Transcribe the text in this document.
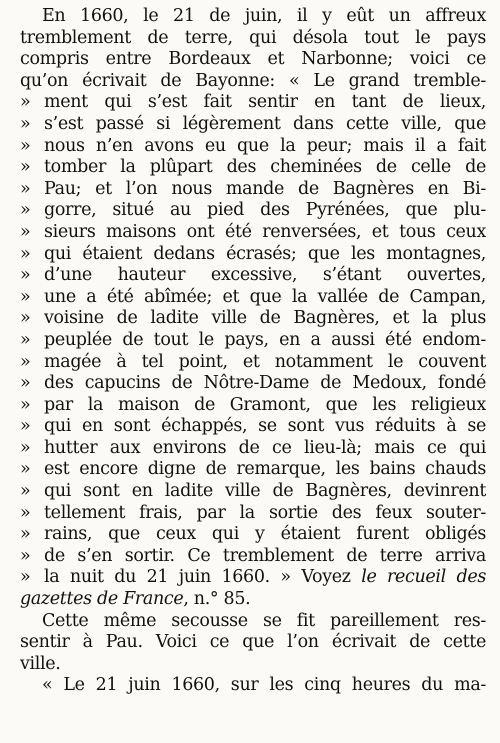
En 1660, le 21 de juin, il y eût un affreux
tremblement de terre, qui désola tout le pays
compris entre Bordeaux et Narbonne; voici ce
qu’on écrivait de Bayonne: « Le grand tremble-
» ment qui s’est fait sentir en tant de lieux,
» s’est passé si légèrement dans cette ville, que
» nous n’en avons eu que la peur; mais il a fait
» tomber la plûpart des cheminées de celle de
» Pau; et l’on nous mande de Bagnères en Bi-
» gorre, situé au pied des Pyrénées, que plu-
» sieurs maisons ont été renversées, et tous ceux
» qui étaient dedans écrasés; que les montagnes,
» d’une hauteur excessive, s’étant ouvertes,
» une a été abîmée; et que la vallée de Campan,
» voisine de ladite ville de Bagnères, et la plus
» peuplée de tout le pays, en a aussi été endom-
» magée à tel point, et notamment le couvent
» des capucins de Nôtre-Dame de Medoux, fondé
» par la maison de Gramont, que les religieux
» qui en sont échappés, se sont vus réduits à se
» hutter aux environs de ce lieu-là; mais ce qui
» est encore digne de remarque, les bains chauds
» qui sont en ladite ville de Bagnères, devinrent
» tellement frais, par la sortie des feux souter-
» rains, que ceux qui y étaient furent obligés
» de s’en sortir. Ce tremblement de terre arriva
» la nuit du 21 juin 1660. » Voyez le recueil des
gazettes de France, n.° 85.
Cette même secousse se fit pareillement res-
sentir à Pau. Voici ce que l’on écrivait de cette
ville.
« Le 21 juin 1660, sur les cinq heures du ma-
